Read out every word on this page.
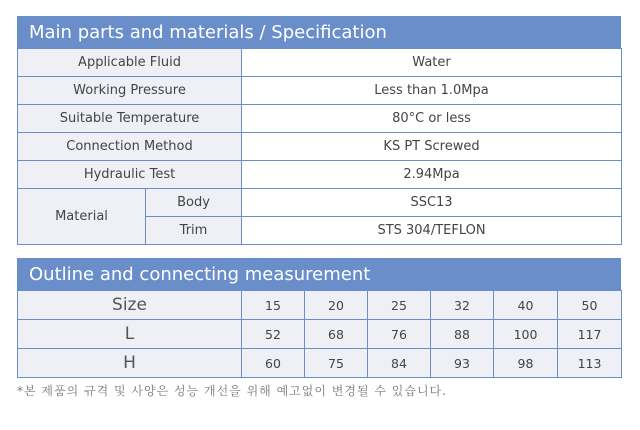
Main parts and materials / Specification
Applicable Fluid		Water
Working Pressure		Less than 1.0Mpa
Suitable Temperature		80°C or less
Connection Method		KS PT Screwed
Hydraulic Test		2.94Mpa
Material	Body	SSC13
	Trim	STS 304/TEFLON
Outline and connecting measurement
Size	15	20	25	32	40	50
L	52	68	76	88	100	117
H	60	75	84	93	98	113
*본 제품의 규격 및 사양은 성능 개선을 위해 예고없이 변경될 수 있습니다.
